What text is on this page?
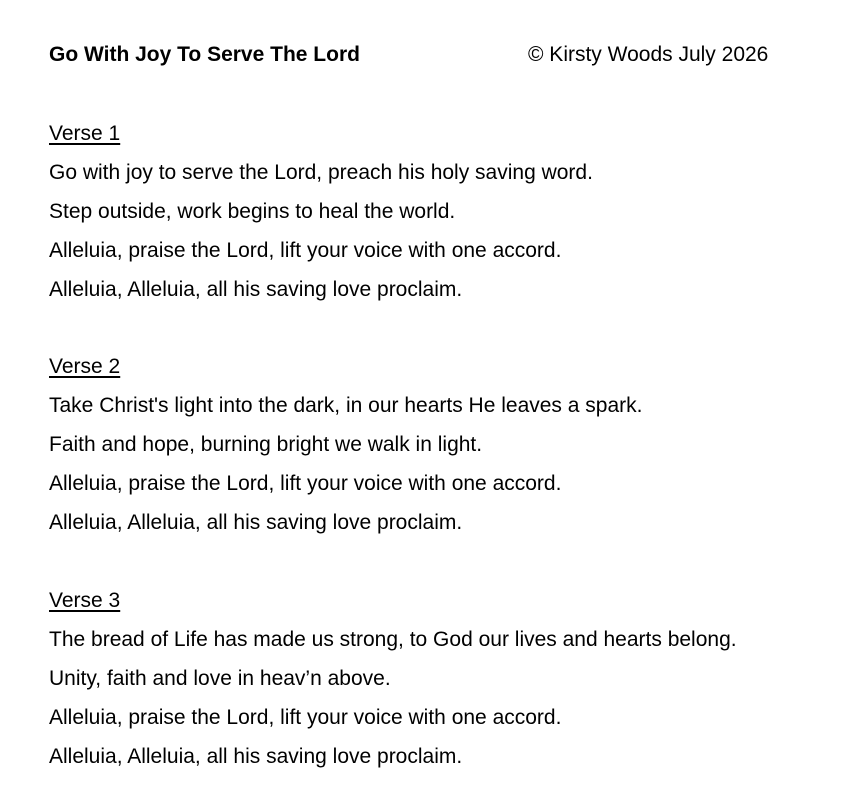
Go With Joy To Serve The Lord	© Kirsty Woods July 2026
Verse 1
Go with joy to serve the Lord, preach his holy saving word.
Step outside, work begins to heal the world.
Alleluia, praise the Lord, lift your voice with one accord.
Alleluia, Alleluia, all his saving love proclaim.
Verse 2
Take Christ's light into the dark, in our hearts He leaves a spark.
Faith and hope, burning bright we walk in light.
Alleluia, praise the Lord, lift your voice with one accord.
Alleluia, Alleluia, all his saving love proclaim.
Verse 3
The bread of Life has made us strong, to God our lives and hearts belong.
Unity, faith and love in heav’n above.
Alleluia, praise the Lord, lift your voice with one accord.
Alleluia, Alleluia, all his saving love proclaim.
